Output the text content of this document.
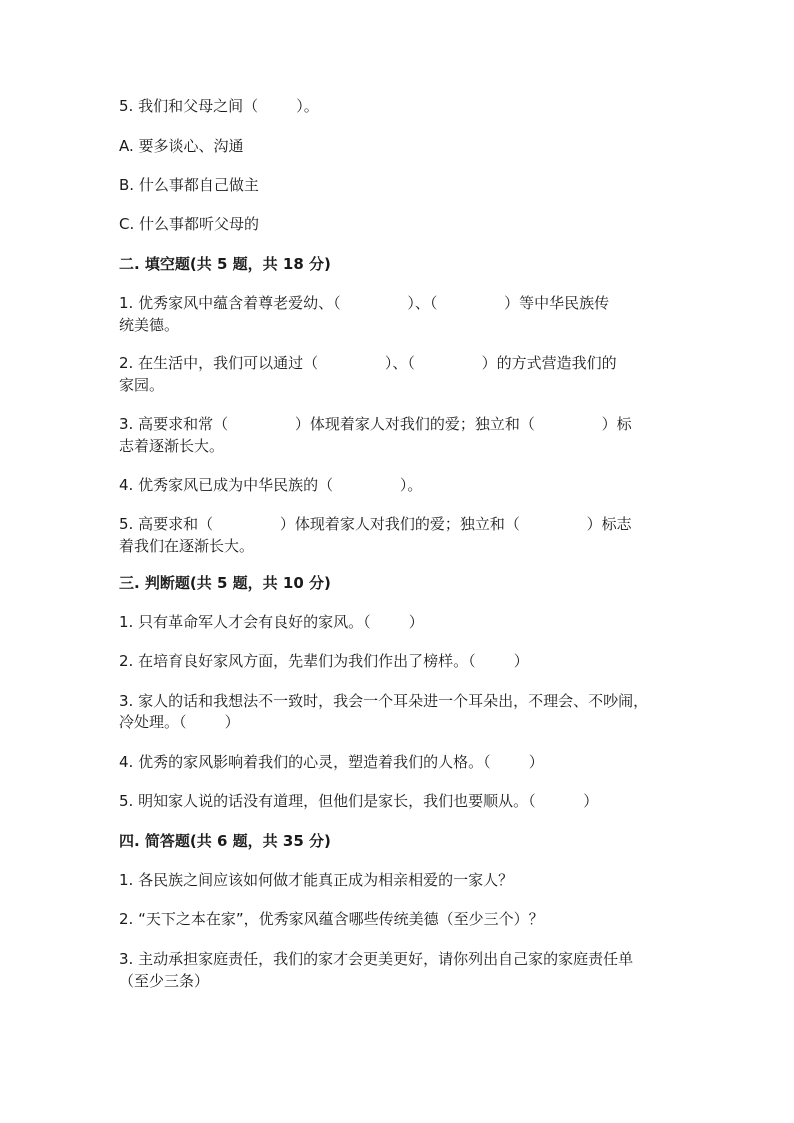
5. 我们和父母之间（        ）。
A. 要多谈心、沟通
B. 什么事都自己做主
C. 什么事都听父母的
二. 填空题(共 5 题，共 18 分)
1. 优秀家风中蕴含着尊老爱幼、（              ）、（              ）等中华民族传
统美德。
2. 在生活中，我们可以通过（              ）、（              ）的方式营造我们的
家园。
3. 高要求和常（              ）体现着家人对我们的爱；独立和（              ）标
志着逐渐长大。
4. 优秀家风已成为中华民族的（              ）。
5. 高要求和（              ）体现着家人对我们的爱；独立和（              ）标志
着我们在逐渐长大。
三. 判断题(共 5 题，共 10 分)
1. 只有革命军人才会有良好的家风。（        ）
2. 在培育良好家风方面，先辈们为我们作出了榜样。（        ）
3. 家人的话和我想法不一致时，我会一个耳朵进一个耳朵出，不理会、不吵闹，
冷处理。（        ）
4. 优秀的家风影响着我们的心灵，塑造着我们的人格。（        ）
5. 明知家人说的话没有道理，但他们是家长，我们也要顺从。（          ）
四. 简答题(共 6 题，共 35 分)
1. 各民族之间应该如何做才能真正成为相亲相爱的一家人？
2. “天下之本在家”，优秀家风蕴含哪些传统美德（至少三个）？
3. 主动承担家庭责任，我们的家才会更美更好，请你列出自己家的家庭责任单
（至少三条）
